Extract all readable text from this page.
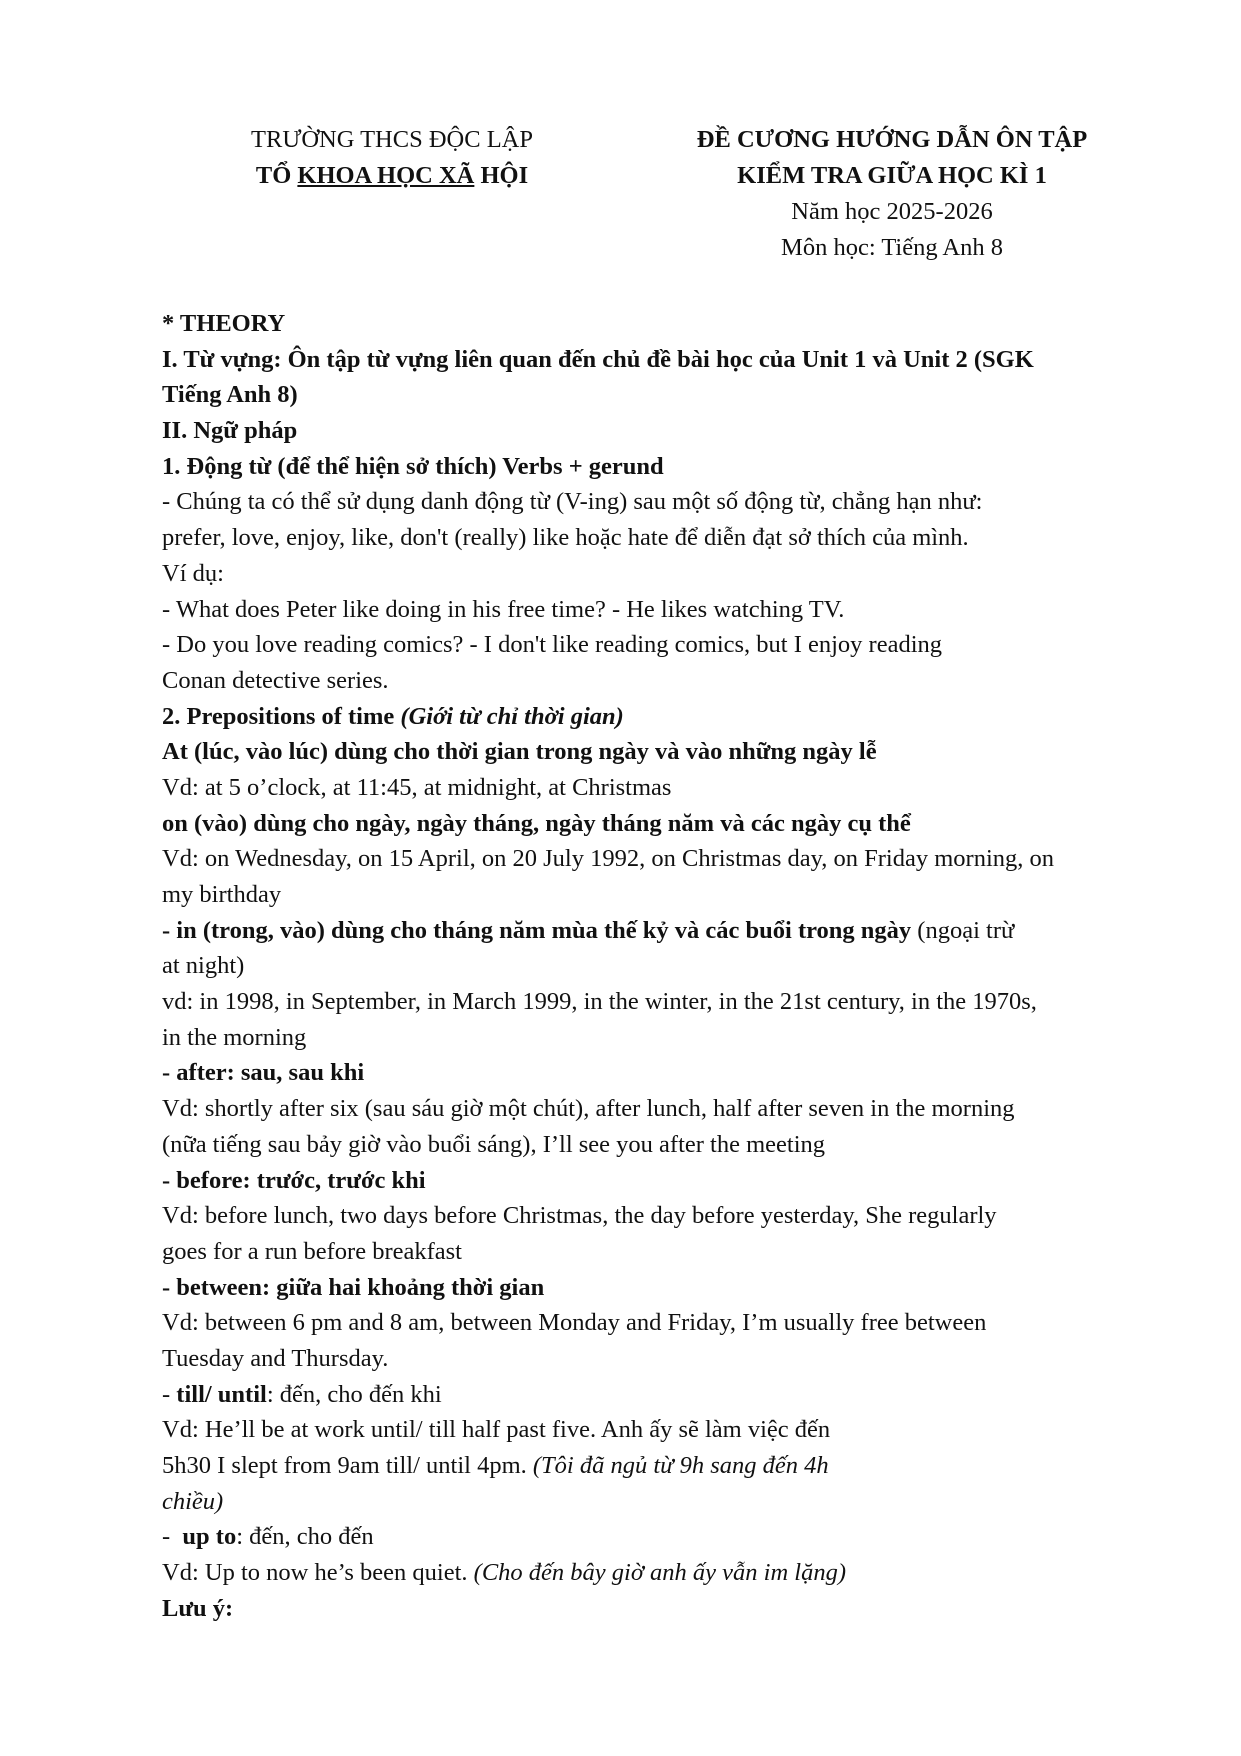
TRƯỜNG THCS ĐỘC LẬP
TỔ KHOA HỌC XÃ HỘI
ĐỀ CƯƠNG HƯỚNG DẪN ÔN TẬP
KIỂM TRA GIỮA HỌC KÌ 1
Năm học 2025-2026
Môn học: Tiếng Anh 8
* THEORY
I. Từ vựng: Ôn tập từ vựng liên quan đến chủ đề bài học của Unit 1 và Unit 2 (SGK
Tiếng Anh 8)
II. Ngữ pháp
1. Động từ (để thể hiện sở thích) Verbs + gerund
- Chúng ta có thể sử dụng danh động từ (V-ing) sau một số động từ, chẳng hạn như:
prefer, love, enjoy, like, don't (really) like hoặc hate để diễn đạt sở thích của mình.
Ví dụ:
- What does Peter like doing in his free time? - He likes watching TV.
- Do you love reading comics? - I don't like reading comics, but I enjoy reading
Conan detective series.
2. Prepositions of time (Giới từ chỉ thời gian)
At (lúc, vào lúc) dùng cho thời gian trong ngày và vào những ngày lễ
Vd: at 5 o’clock, at 11:45, at midnight, at Christmas
on (vào) dùng cho ngày, ngày tháng, ngày tháng năm và các ngày cụ thể
Vd: on Wednesday, on 15 April, on 20 July 1992, on Christmas day, on Friday morning, on
my birthday
- in (trong, vào) dùng cho tháng năm mùa thế kỷ và các buổi trong ngày (ngoại trừ
at night)
vd: in 1998, in September, in March 1999, in the winter, in the 21st century, in the 1970s,
in the morning
- after: sau, sau khi
Vd: shortly after six (sau sáu giờ một chút), after lunch, half after seven in the morning
(nữa tiếng sau bảy giờ vào buổi sáng), I’ll see you after the meeting
- before: trước, trước khi
Vd: before lunch, two days before Christmas, the day before yesterday, She regularly
goes for a run before breakfast
- between: giữa hai khoảng thời gian
Vd: between 6 pm and 8 am, between Monday and Friday, I’m usually free between
Tuesday and Thursday.
- till/ until: đến, cho đến khi
Vd: He’ll be at work until/ till half past five. Anh ấy sẽ làm việc đến
5h30 I slept from 9am till/ until 4pm. (Tôi đã ngủ từ 9h sang đến 4h
chiều)
-  up to: đến, cho đến
Vd: Up to now he’s been quiet. (Cho đến bây giờ anh ấy vẫn im lặng)
Lưu ý:
